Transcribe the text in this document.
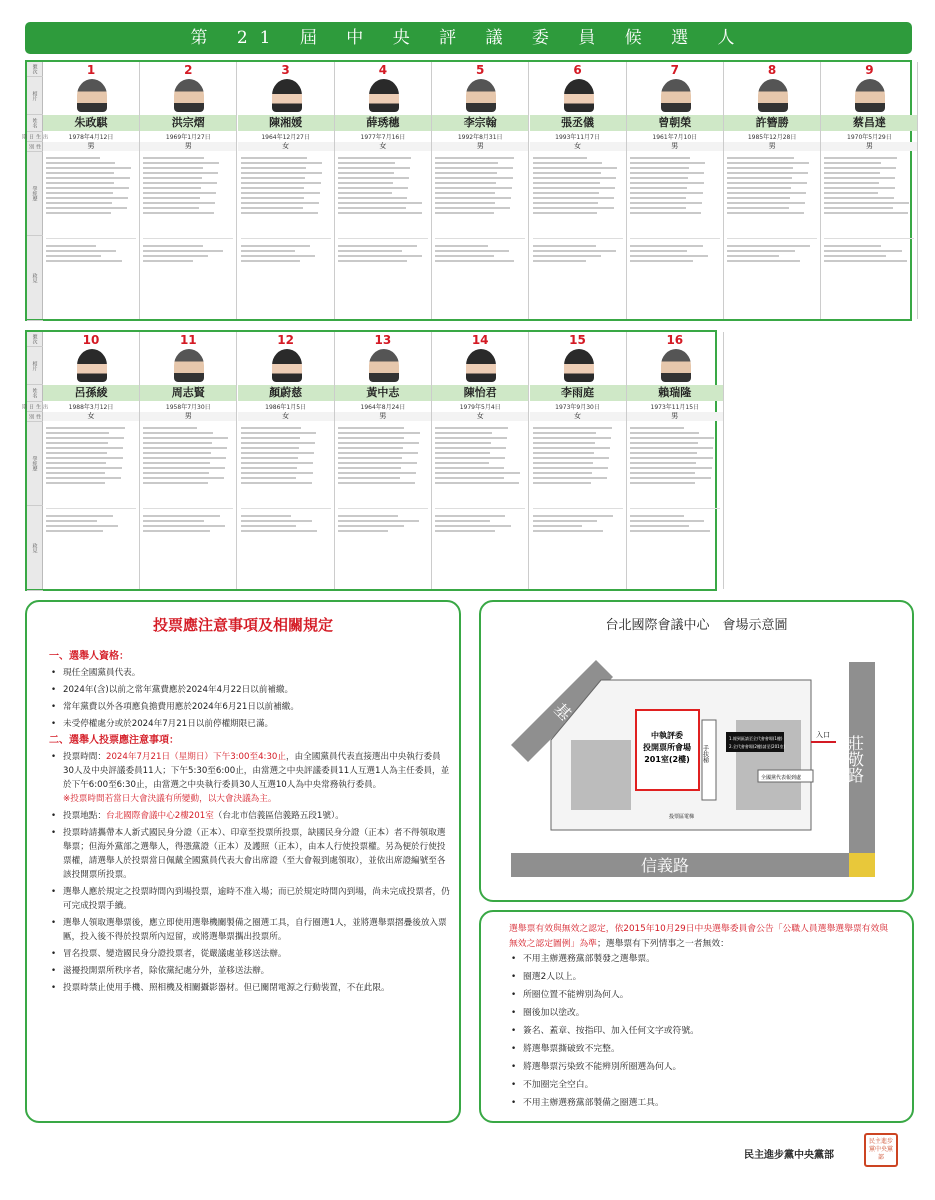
第 21 屆 中 央 評 議 委 員 候 選 人
號次
相片
姓名
出生日期
性別
學經歷
政見
1
朱政騏
1978年4月12日
男
2
洪宗熠
1969年1月27日
男
3
陳湘媛
1964年12月27日
女
4
薛琇穗
1977年7月16日
女
5
李宗翰
1992年8月31日
男
6
張丞儀
1993年11月7日
女
7
曾朝榮
1961年7月10日
男
8
許簪勝
1985年12月28日
男
9
蔡昌達
1970年5月29日
男
號次
相片
姓名
出生日期
性別
學經歷
政見
10
呂孫綾
1988年3月12日
女
11
周志賢
1958年7月30日
男
12
顏蔚慈
1986年1月5日
女
13
黃中志
1964年8月24日
男
14
陳怡君
1979年5月4日
女
15
李雨庭
1973年9月30日
女
16
賴瑞隆
1973年11月15日
男
投票應注意事項及相關規定
一、選舉人資格：
• 現任全國黨員代表。
• 2024年(含)以前之常年黨費應於2024年4月22日以前補繳。
• 常年黨費以外各項應負擔費用應於2024年6月21日以前補繳。
• 未受停權處分或於2024年7月21日以前停權期限已滿。
二、選舉人投票應注意事項：
• 投票時間：2024年7月21日（星期日）下午3:00至4:30止，由全國黨員代表直接選出中央執行委員30人及中央評議委員11人；下午5:30至6:00止，由當選之中央評議委員11人互選1人為主任委員，並於下午6:00至6:30止，由當選之中央執行委員30人互選10人為中央常務執行委員。
※投票時間若當日大會決議有所變動，以大會決議為主。
• 投票地點：台北國際會議中心2樓201室（台北市信義區信義路五段1號）。
• 投票時請攜帶本人新式國民身分證（正本）、印章至投票所投票，缺國民身分證（正本）者不得領取選舉票；但海外黨部之選舉人，得憑黨證（正本）及護照（正本），由本人行使投票權。另為便於行使投票權，請選舉人於投票當日佩戴全國黨員代表大會出席證（至大會報到處領取），並依出席證編號至各該投開票所投票。
• 選舉人應於規定之投票時間內到場投票，逾時不准入場；而已於規定時間內到場，尚未完成投票者，仍可完成投票手續。
• 選舉人領取選舉票後，應立即使用選舉機關製備之圈選工具，自行圈選1人，並將選舉票摺疊後放入票匭，投入後不得於投票所內逗留，或將選舉票攜出投票所。
• 冒名投票、變造國民身分證投票者，從嚴議處並移送法辦。
• 滋擾投開票所秩序者，除依黨紀處分外，並移送法辦。
• 投票時禁止使用手機、照相機及相關攝影器材。但已關閉電源之行動裝置，不在此限。
台北國際會議中心　會場示意圖
莊敬路
信義路
中執評委
投開票所會場
201室(2樓) 手扶梯
1.報到區請至全代會會場(1樓)
2.全代會會場(2樓)請至(201室)
入口
全國黨代表報到處
投票區電梯
選舉票有效與無效之認定，依2015年10月29日中央選舉委員會公告「公職人員選舉選舉票有效與無效之認定圖例」為準；選舉票有下列情事之一者無效：
• 不用主辦選務黨部製發之選舉票。
• 圈選2人以上。
• 所圈位置不能辨別為何人。
• 圈後加以塗改。
• 簽名、蓋章、按指印、加入任何文字或符號。
• 將選舉票撕破致不完整。
• 將選舉票污染致不能辨別所圈選為何人。
• 不加圈完全空白。
• 不用主辦選務黨部製備之圈選工具。
民主進步黨中央黨部
民主進步黨中央黨部
